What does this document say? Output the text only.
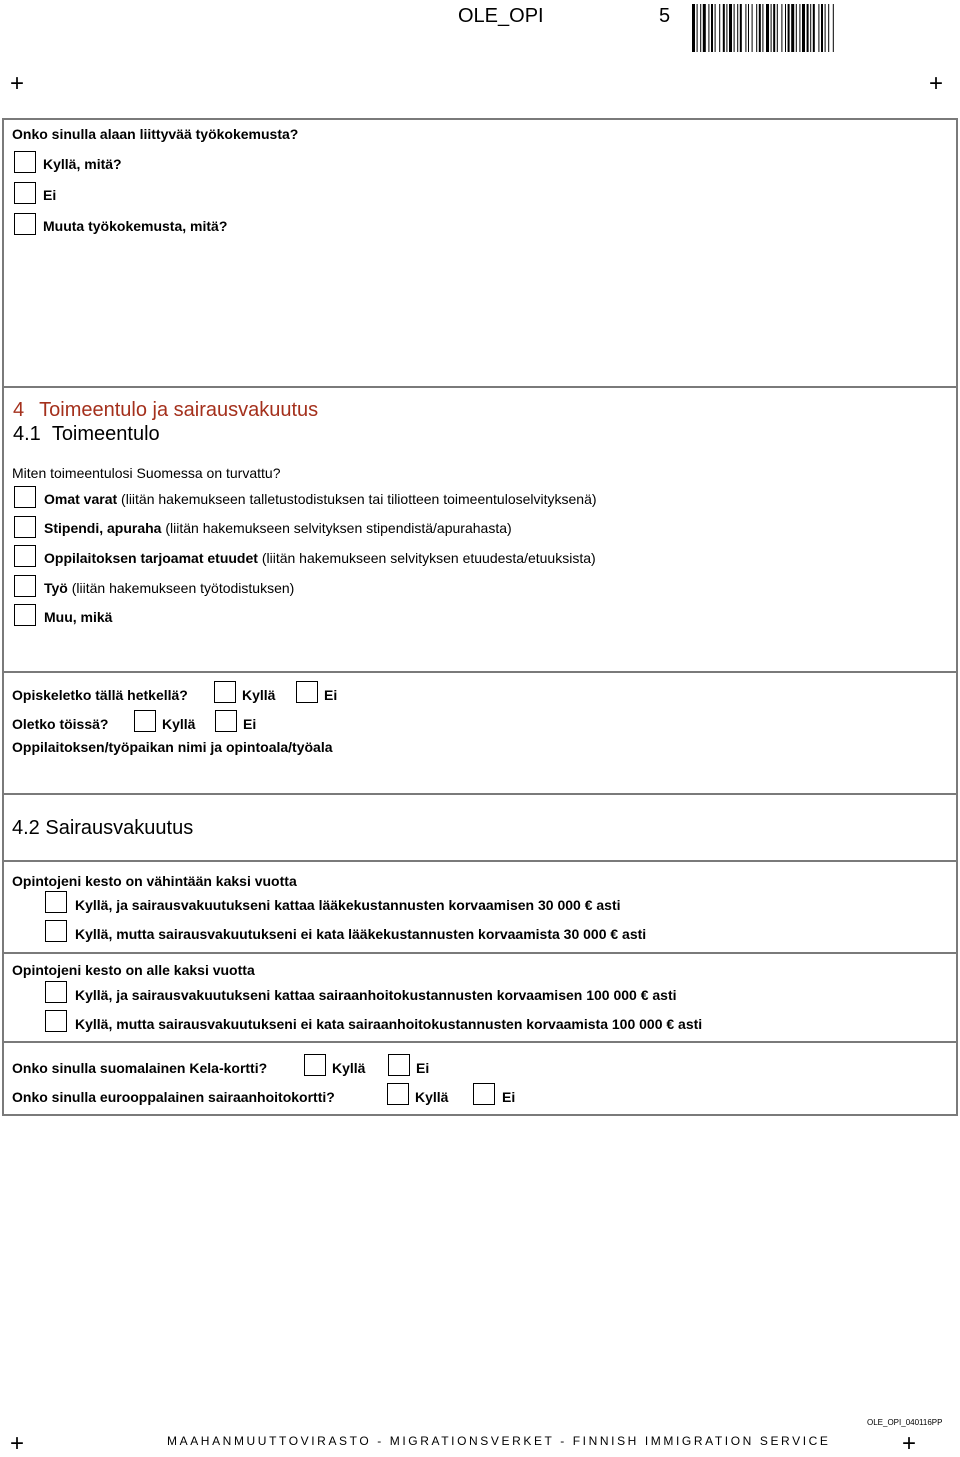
OLE_OPI	5
+	+
Onko sinulla alaan liittyvää työkokemusta?
Kyllä, mitä?
Ei
Muuta työkokemusta, mitä?
4 Toimeentulo ja sairausvakuutus
4.1 Toimeentulo
Miten toimeentulosi Suomessa on turvattu?
Omat varat (liitän hakemukseen talletustodistuksen tai tiliotteen toimeentuloselvityksenä)
Stipendi, apuraha (liitän hakemukseen selvityksen stipendistä/apurahasta)
Oppilaitoksen tarjoamat etuudet (liitän hakemukseen selvityksen etuudesta/etuuksista)
Työ (liitän hakemukseen työtodistuksen)
Muu, mikä
Opiskeletko tällä hetkellä?	Kyllä	Ei
Oletko töissä?	Kyllä	Ei
Oppilaitoksen/työpaikan nimi ja opintoala/työala
4.2 Sairausvakuutus
Opintojeni kesto on vähintään kaksi vuotta
Kyllä, ja sairausvakuutukseni kattaa lääkekustannusten korvaamisen 30 000 € asti
Kyllä, mutta sairausvakuutukseni ei kata lääkekustannusten korvaamista 30 000 € asti
Opintojeni kesto on alle kaksi vuotta
Kyllä, ja sairausvakuutukseni kattaa sairaanhoitokustannusten korvaamisen 100 000 € asti
Kyllä, mutta sairausvakuutukseni ei kata sairaanhoitokustannusten korvaamista 100 000 € asti
Onko sinulla suomalainen Kela-kortti?	Kyllä	Ei
Onko sinulla eurooppalainen sairaanhoitokortti?	Kyllä	Ei
OLE_OPI_040116PP
+	+
MAAHANMUUTTOVIRASTO - MIGRATIONSVERKET - FINNISH IMMIGRATION SERVICE
